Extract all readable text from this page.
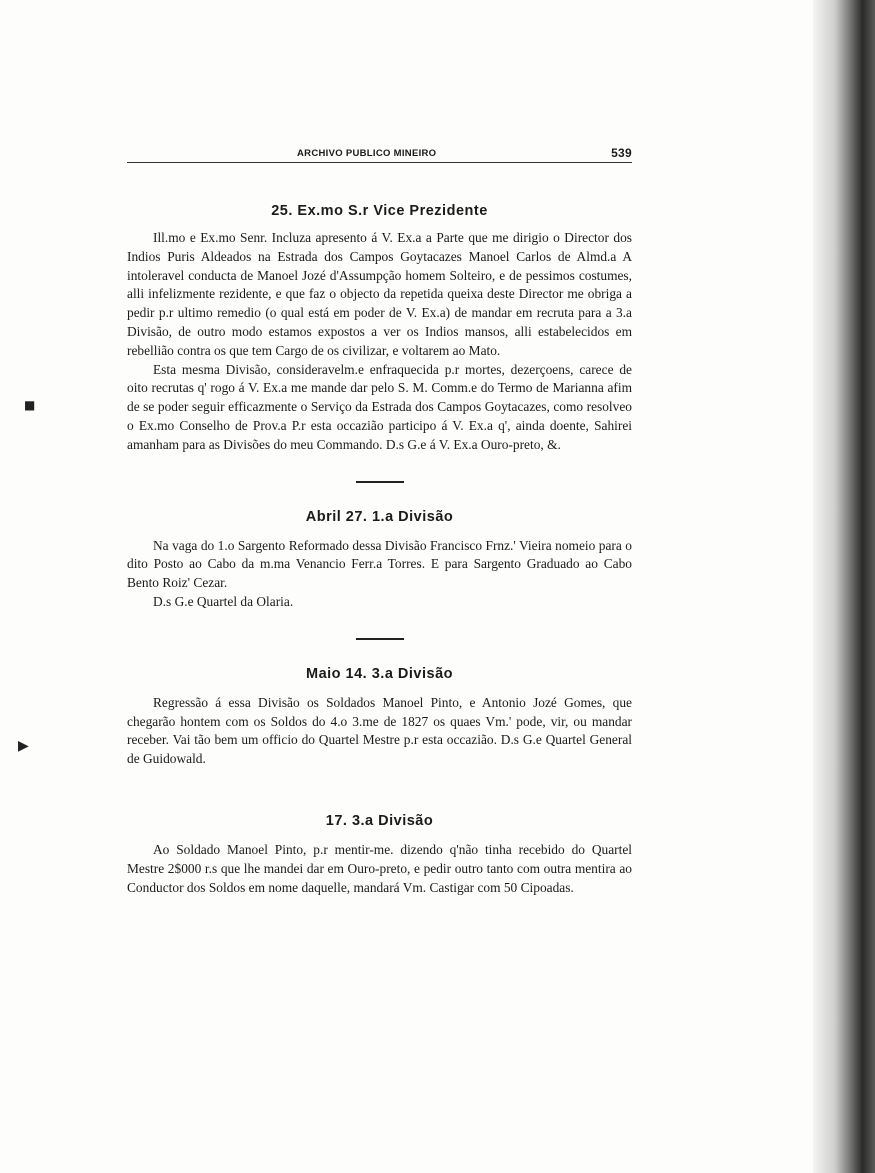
■
▶
ARCHIVO PUBLICO MINEIRO	539
25. Ex.mo S.r Vice Prezidente

Ill.mo e Ex.mo Senr. Incluza apresento á V. Ex.a a Parte que me dirigio o Director dos Indios Puris Aldeados na Estrada dos Campos Goytacazes Manoel Carlos de Almd.a A intoleravel conducta de Manoel Jozé d'Assumpção homem Solteiro, e de pessimos costumes, alli infelizmente rezidente, e que faz o objecto da repetida queixa deste Director me obriga a pedir p.r ultimo remedio (o qual está em poder de V. Ex.a) de mandar em recruta para a 3.a Divisão, de outro modo estamos expostos a ver os Indios mansos, alli estabelecidos em rebellião contra os que tem Cargo de os civilizar, e voltarem ao Mato.

Esta mesma Divisão, consideravelm.e enfraquecida p.r mortes, dezerçoens, carece de oito recrutas q' rogo á V. Ex.a me mande dar pelo S. M. Comm.e do Termo de Marianna afim de se poder seguir efficazmente o Serviço da Estrada dos Campos Goytacazes, como resolveo o Ex.mo Conselho de Prov.a P.r esta occazião participo á V. Ex.a q', ainda doente, Sahirei amanham para as Divisões do meu Commando. D.s G.e á V. Ex.a Ouro-preto, &.

Abril 27. 1.a Divisão

Na vaga do 1.o Sargento Reformado dessa Divisão Francisco Frnz.' Vieira nomeio para o dito Posto ao Cabo da m.ma Venancio Ferr.a Torres. E para Sargento Graduado ao Cabo Bento Roiz' Cezar.

D.s G.e Quartel da Olaria.

Maio 14. 3.a Divisão

Regressão á essa Divisão os Soldados Manoel Pinto, e Antonio Jozé Gomes, que chegarão hontem com os Soldos do 4.o 3.me de 1827 os quaes Vm.' pode, vir, ou mandar receber. Vai tão bem um officio do Quartel Mestre p.r esta occazião. D.s G.e Quartel General de Guidowald.

17. 3.a Divisão

Ao Soldado Manoel Pinto, p.r mentir-me. dizendo q'não tinha recebido do Quartel Mestre 2$000 r.s que lhe mandei dar em Ouro-preto, e pedir outro tanto com outra mentira ao Conductor dos Soldos em nome daquelle, mandará Vm. Castigar com 50 Cipoadas.
